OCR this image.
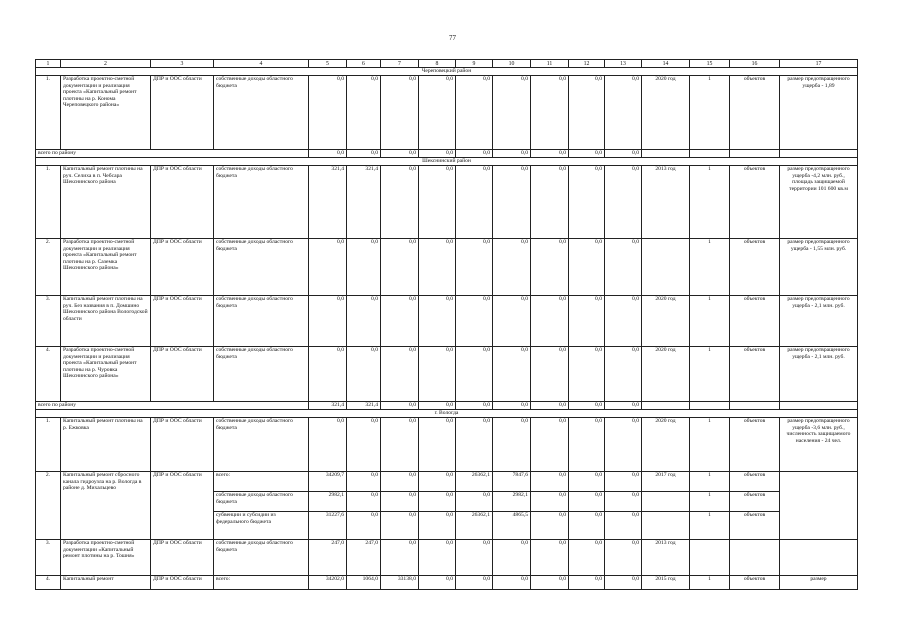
77
1	2	3	4	5	6	7	8	9	10	11	12	13	14	15	16	17
Череповецкий район																
1.	Разработка проектно-сметной документации и реализация проекта «Капитальный ремонт плотины на р. Конома Череповецкого района»	ДПР и ООС области	собственные доходы областного бюджета	0,0	0,0	0,0	0,0	0,0	0,0	0,0	0,0	0,0	2020 год	1	объектов	размер предотвращенного ущерба - 1,89
всего по району				0,0	0,0	0,0	0,0	0,0	0,0	0,0	0,0	0,0				
Шекснинский район																
1.	Капитальный ремонт плотины на руч. Селиха в п. Чебсара Шекснинского района	ДПР и ООС области	собственные доходы областного бюджета	321,4	321,4	0,0	0,0	0,0	0,0	0,0	0,0	0,0	2013 год	1	объектов	размер предотвращенного ущерба -4,2 млн. руб., площадь защищаемой территории 101 600 кв.м
2.	Разработка проектно-сметной документации и реализация проекта «Капитальный ремонт плотины на р. Саземка Шекснинского района»	ДПР и ООС области	собственные доходы областного бюджета	0,0	0,0	0,0	0,0	0,0	0,0	0,0	0,0	0,0		1	объектов	размер предотвращенного ущерба - 1,55 млн. руб.
3.	Капитальный ремонт плотины на руч. Без названия в п. Домшино Шекснинского района Вологодской области	ДПР и ООС области	собственные доходы областного бюджета	0,0	0,0	0,0	0,0	0,0	0,0	0,0	0,0	0,0	2020 год	1	объектов	размер предотвращенного ущерба - 2,1 млн. руб.
4.	Разработка проектно-сметной документации и реализация проекта «Капитальный ремонт плотины на р. Чуровка Шекснинского района»	ДПР и ООС области	собственные доходы областного бюджета	0,0	0,0	0,0	0,0	0,0	0,0	0,0	0,0	0,0	2020 год	1	объектов	размер предотвращенного ущерба - 2,1 млн. руб.
всего по району				321,4	321,4	0,0	0,0	0,0	0,0	0,0	0,0	0,0				
г. Вологда																
1.	Капитальный ремонт плотины на р. Ежковка	ДПР и ООС области	собственные доходы областного бюджета	0,0	0,0	0,0	0,0	0,0	0,0	0,0	0,0	0,0	2020 год	1	объектов	размер предотвращенного ущерба -3,6 млн. руб., численность защищаемого населения - 24 чел.
2.	Капитальный ремонт сбросного канала гидроузла на р. Вологда в районе д. Михальцево	ДПР и ООС области	всего:	34209,7	0,0	0,0	0,0	26362,1	7847,6	0,0	0,0	0,0	2017 год	1	объектов	
			собственные доходы областного бюджета	2982,1	0,0	0,0	0,0	0,0	2982,1	0,0	0,0	0,0		1	объектов	
			субвенции и субсидии из федерального бюджета	31227,6	0,0	0,0	0,0	26362,1	4865,5	0,0	0,0	0,0		1	объектов	
3.	Разработка проектно-сметной документации «Капитальный ремонт плотины на р. Тошня»	ДПР и ООС области	собственные доходы областного бюджета	247,0	247,0	0,0	0,0	0,0	0,0	0,0	0,0	0,0	2013 год			
4.	Капитальный ремонт	ДПР и ООС области	всего:	34202,0	1064,0	33138,0	0,0	0,0	0,0	0,0	0,0	0,0	2015 год	1	объектов	размер
